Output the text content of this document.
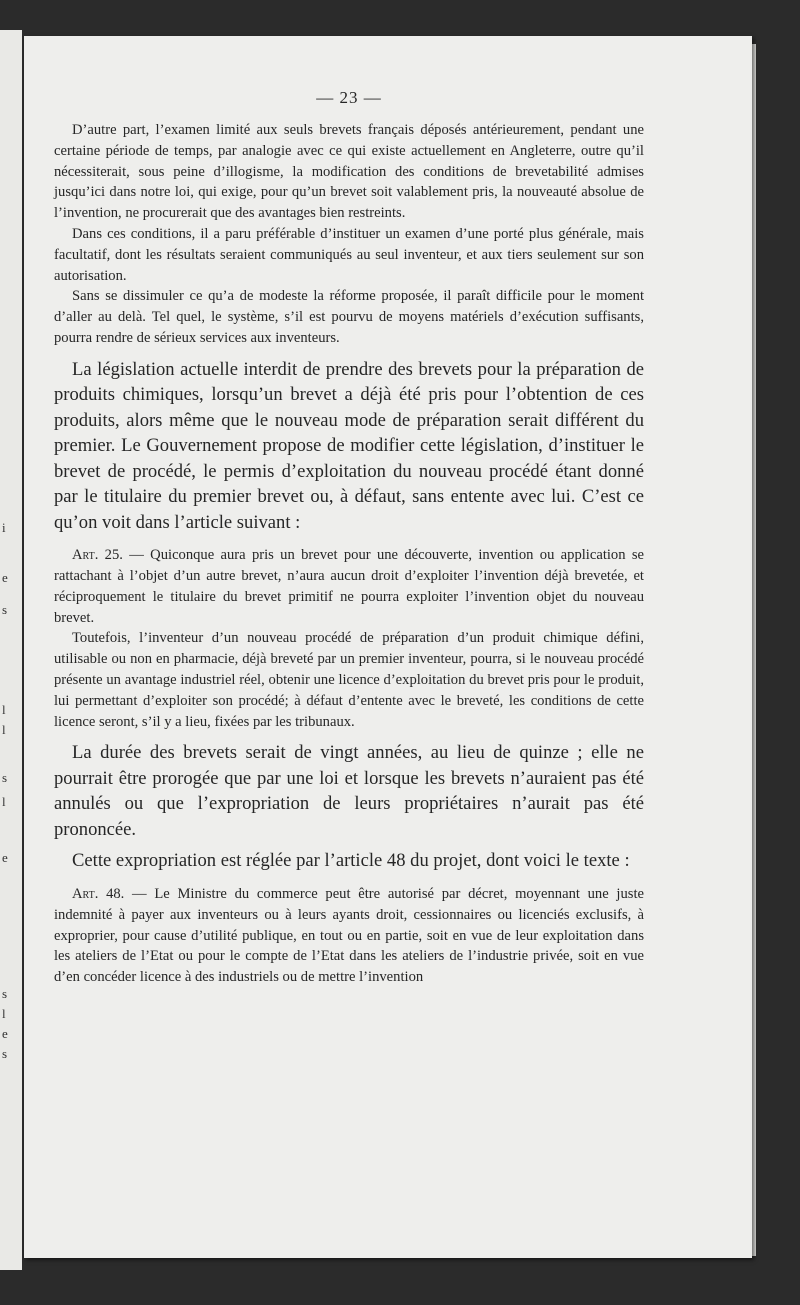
i
e
s
l
l
s
l
e
s
l
e
s
— 23 —

D’autre part, l’examen limité aux seuls brevets français déposés antérieurement, pendant une certaine période de temps, par analogie avec ce qui existe actuellement en Angleterre, outre qu’il nécessiterait, sous peine d’illogisme, la modification des conditions de brevetabilité admises jusqu’ici dans notre loi, qui exige, pour qu’un brevet soit valablement pris, la nouveauté absolue de l’invention, ne procurerait que des avantages bien restreints.

Dans ces conditions, il a paru préférable d’instituer un examen d’une porté plus générale, mais facultatif, dont les résultats seraient communiqués au seul inventeur, et aux tiers seulement sur son autorisation.

Sans se dissimuler ce qu’a de modeste la réforme proposée, il paraît difficile pour le moment d’aller au delà. Tel quel, le système, s’il est pourvu de moyens matériels d’exécution suffisants, pourra rendre de sérieux services aux inventeurs.

La législation actuelle interdit de prendre des brevets pour la préparation de produits chimiques, lorsqu’un brevet a déjà été pris pour l’obtention de ces produits, alors même que le nouveau mode de préparation serait différent du premier. Le Gouvernement propose de modifier cette législation, d’instituer le brevet de procédé, le permis d’exploitation du nouveau procédé étant donné par le titulaire du premier brevet ou, à défaut, sans entente avec lui. C’est ce qu’on voit dans l’article suivant :

Art. 25. — Quiconque aura pris un brevet pour une découverte, invention ou application se rattachant à l’objet d’un autre brevet, n’aura aucun droit d’exploiter l’invention déjà brevetée, et réciproquement le titulaire du brevet primitif ne pourra exploiter l’invention objet du nouveau brevet.

Toutefois, l’inventeur d’un nouveau procédé de préparation d’un produit chimique défini, utilisable ou non en pharmacie, déjà breveté par un premier inventeur, pourra, si le nouveau procédé présente un avantage industriel réel, obtenir une licence d’exploitation du brevet pris pour le produit, lui permettant d’exploiter son procédé; à défaut d’entente avec le breveté, les conditions de cette licence seront, s’il y a lieu, fixées par les tribunaux.

La durée des brevets serait de vingt années, au lieu de quinze ; elle ne pourrait être prorogée que par une loi et lorsque les brevets n’auraient pas été annulés ou que l’expropriation de leurs propriétaires n’aurait pas été prononcée.

Cette expropriation est réglée par l’article 48 du projet, dont voici le texte :

Art. 48. — Le Ministre du commerce peut être autorisé par décret, moyennant une juste indemnité à payer aux inventeurs ou à leurs ayants droit, cessionnaires ou licenciés exclusifs, à exproprier, pour cause d’utilité publique, en tout ou en partie, soit en vue de leur exploitation dans les ateliers de l’Etat ou pour le compte de l’Etat dans les ateliers de l’industrie privée, soit en vue d’en concéder licence à des industriels ou de mettre l’invention
